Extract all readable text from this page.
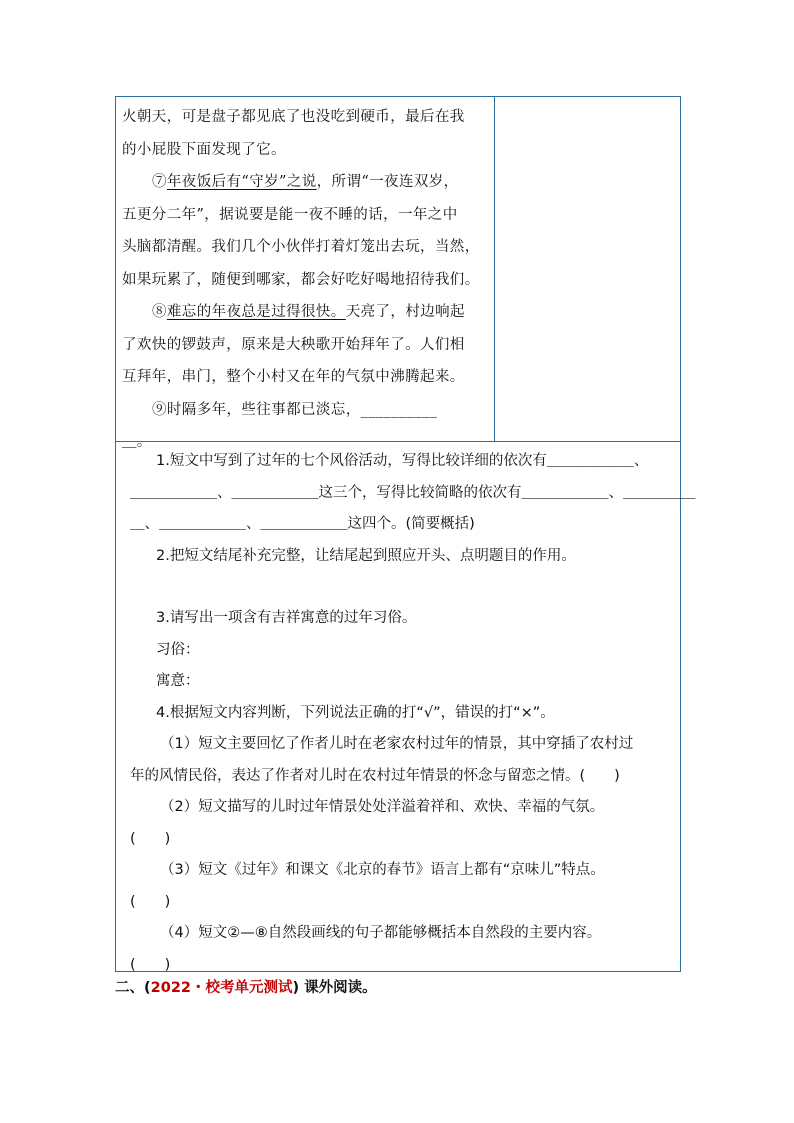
火朝天，可是盘子都见底了也没吃到硬币，最后在我

的小屁股下面发现了它。

⑦年夜饭后有“守岁”之说，所谓“一夜连双岁，

五更分二年”，据说要是能一夜不睡的话，一年之中

头脑都清醒。我们几个小伙伴打着灯笼出去玩，当然，

如果玩累了，随便到哪家，都会好吃好喝地招待我们。

⑧难忘的年夜总是过得很快。天亮了，村边响起

了欢快的锣鼓声，原来是大秧歌开始拜年了。人们相

互拜年，串门，整个小村又在年的气氛中沸腾起来。

⑨时隔多年，些往事都已淡忘，__________

＿。

1.短文中写到了过年的七个风俗活动，写得比较详细的依次有＿＿＿＿＿＿、

＿＿＿＿＿＿、＿＿＿＿＿＿这三个，写得比较简略的依次有＿＿＿＿＿＿、＿＿＿＿＿

＿、＿＿＿＿＿＿、＿＿＿＿＿＿这四个。(简要概括)

2.把短文结尾补充完整，让结尾起到照应开头、点明题目的作用。

3.请写出一项含有吉祥寓意的过年习俗。

习俗：

寓意：

4.根据短文内容判断，下列说法正确的打“√”，错误的打“×”。

（1）短文主要回忆了作者儿时在老家农村过年的情景，其中穿插了农村过

年的风情民俗，表达了作者对儿时在农村过年情景的怀念与留恋之情。(　　)

（2）短文描写的儿时过年情景处处洋溢着祥和、欢快、幸福的气氛。

(　　)

（3）短文《过年》和课文《北京的春节》语言上都有“京味儿”特点。

(　　)

（4）短文②—⑧自然段画线的句子都能够概括本自然段的主要内容。

(　　)

二、(2022・校考单元测试) 课外阅读。
